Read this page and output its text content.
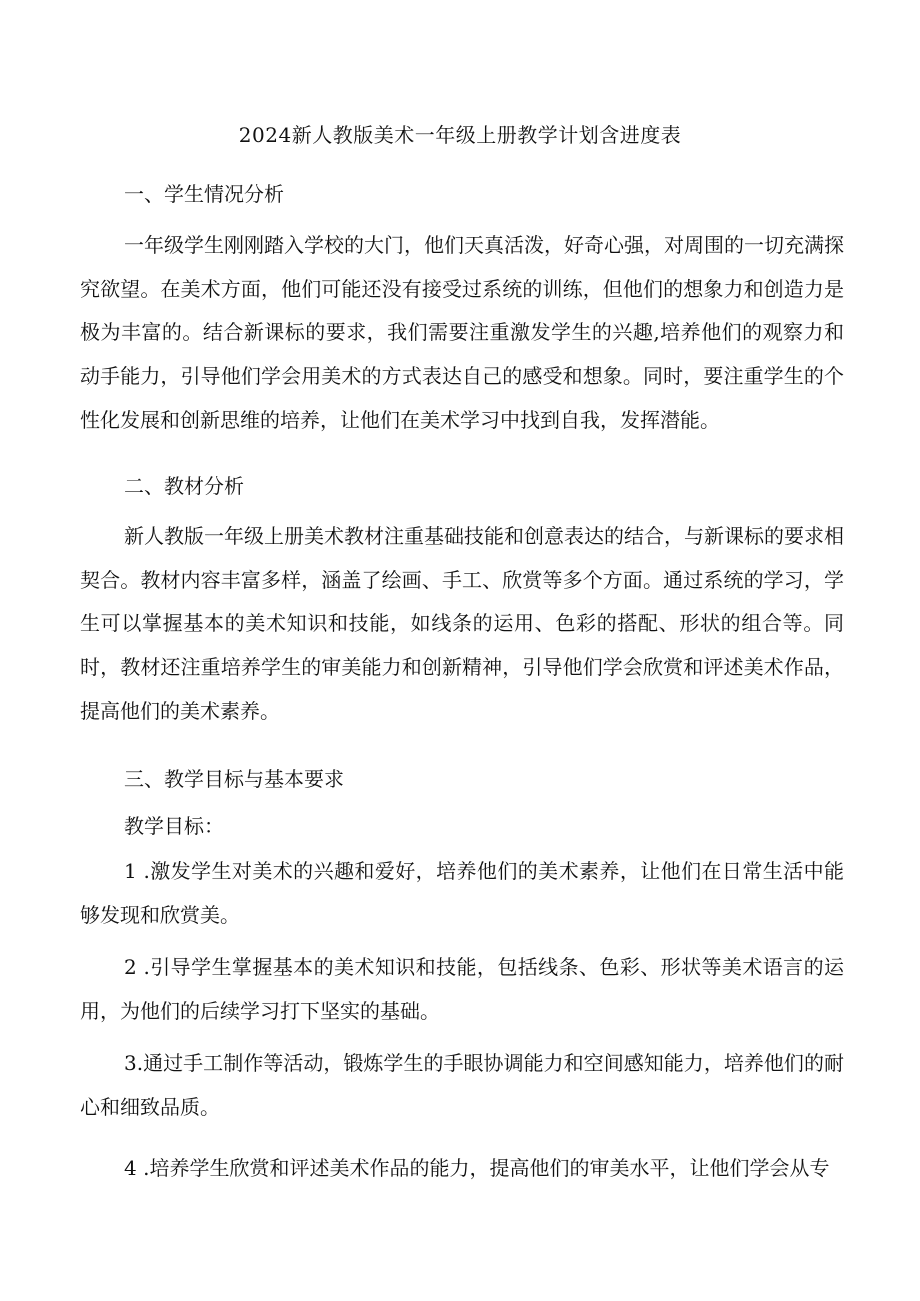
2024新人教版美术一年级上册教学计划含进度表
一、学生情况分析

一年级学生刚刚踏入学校的大门，他们天真活泼，好奇心强，对周围的一切充满探究欲望。在美术方面，他们可能还没有接受过系统的训练，但他们的想象力和创造力是极为丰富的。结合新课标的要求，我们需要注重激发学生的兴趣,培养他们的观察力和动手能力，引导他们学会用美术的方式表达自己的感受和想象。同时，要注重学生的个性化发展和创新思维的培养，让他们在美术学习中找到自我，发挥潜能。

二、教材分析

新人教版一年级上册美术教材注重基础技能和创意表达的结合，与新课标的要求相契合。教材内容丰富多样，涵盖了绘画、手工、欣赏等多个方面。通过系统的学习，学生可以掌握基本的美术知识和技能，如线条的运用、色彩的搭配、形状的组合等。同时，教材还注重培养学生的审美能力和创新精神，引导他们学会欣赏和评述美术作品，提高他们的美术素养。

三、教学目标与基本要求
教学目标：

1 .激发学生对美术的兴趣和爱好，培养他们的美术素养，让他们在日常生活中能够发现和欣赏美。

2 .引导学生掌握基本的美术知识和技能，包括线条、色彩、形状等美术语言的运用，为他们的后续学习打下坚实的基础。

3.通过手工制作等活动，锻炼学生的手眼协调能力和空间感知能力，培养他们的耐心和细致品质。

4 .培养学生欣赏和评述美术作品的能力，提高他们的审美水平，让他们学会从专
